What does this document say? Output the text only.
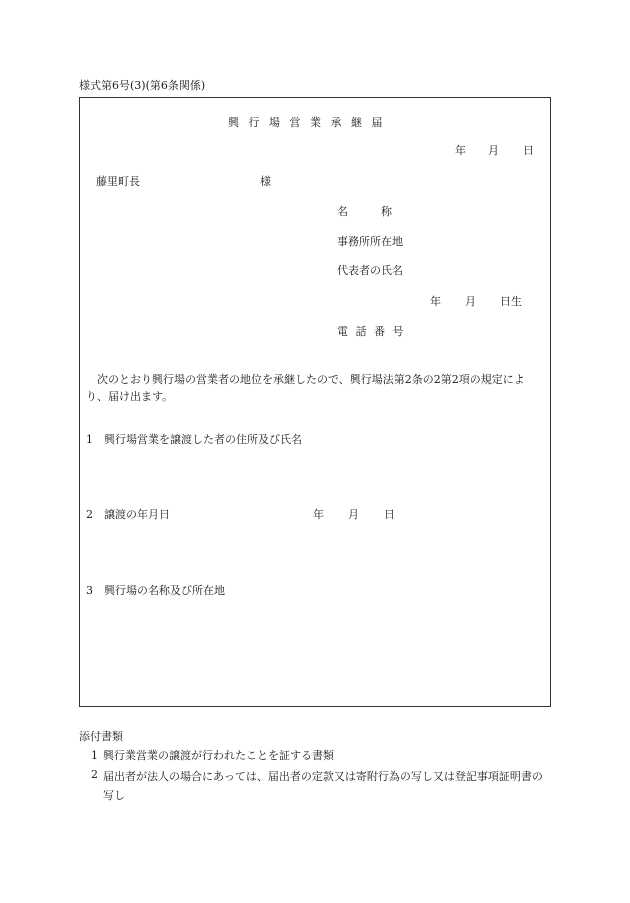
様式第6号(3)(第6条関係)
興 行 場 営 業 承 継 届
年 月 日
藤里町長	様
名　　　称
事務所所在地
代表者の氏名
年 月 日生
電 話 番 号
次のとおり興行場の営業者の地位を承継したので、興行場法第2条の2第2項の規定により、届け出ます。
1 興行場営業を譲渡した者の住所及び氏名
2 譲渡の年月日	年 月 日
3 興行場の名称及び所在地
添付書類
1 興行業営業の譲渡が行われたことを証する書類
2 届出者が法人の場合にあっては、届出者の定款又は寄附行為の写し又は登記事項証明書の写し
